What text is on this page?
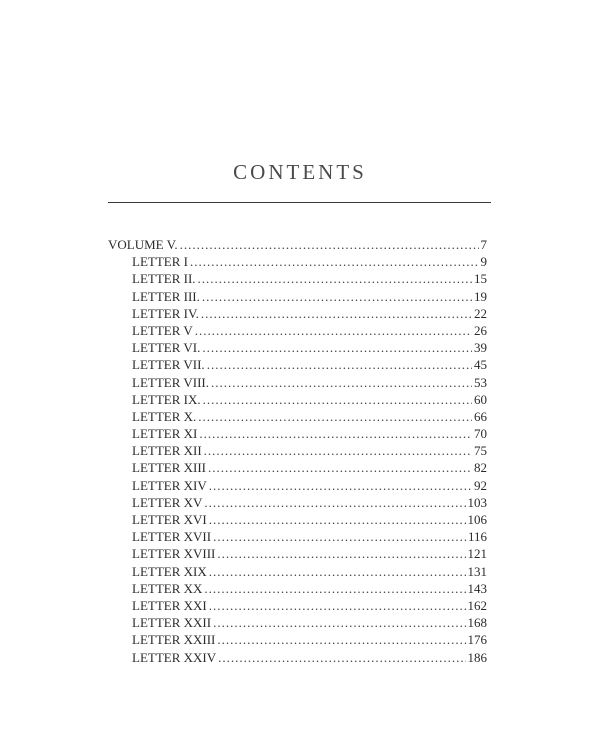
CONTENTS
VOLUME V. .....	7
LETTER I .....	9
LETTER II. .....	15
LETTER III. .....	19
LETTER IV. .....	22
LETTER V .....	26
LETTER VI. .....	39
LETTER VII. .....	45
LETTER VIII. .....	53
LETTER IX. .....	60
LETTER X. .....	66
LETTER XI .....	70
LETTER XII .....	75
LETTER XIII .....	82
LETTER XIV .....	92
LETTER XV .....	103
LETTER XVI .....	106
LETTER XVII .....	116
LETTER XVIII .....	121
LETTER XIX .....	131
LETTER XX .....	143
LETTER XXI .....	162
LETTER XXII .....	168
LETTER XXIII .....	176
LETTER XXIV .....	186
